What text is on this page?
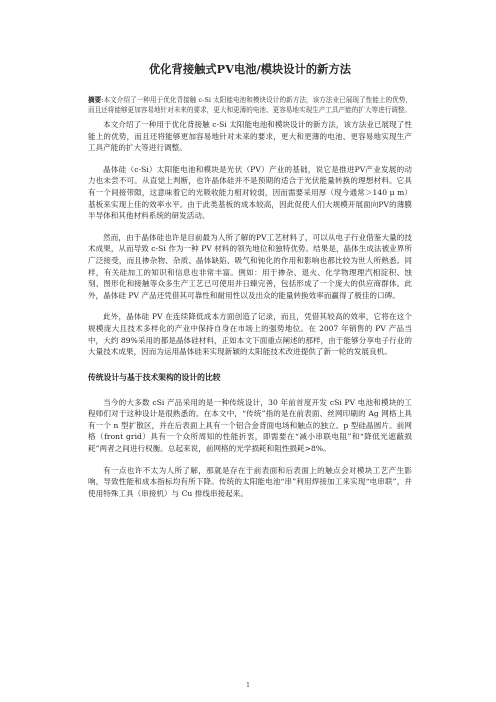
优化背接触式PV电池/模块设计的新方法

摘要:本文介绍了一种用于优化背接触 c-Si 太阳能电池和模块设计的新方法，该方法业已展现了性能上的优势，而且还将能够更加容易地针对未来的要求，更大和更薄的电池、更容易地实现生产工具产能的扩大等进行调整。

本文介绍了一种用于优化背接触 c-Si 太阳能电池和模块设计的新方法，该方法业已展现了性能上的优势，而且还将能够更加容易地针对未来的要求，更大和更薄的电池、更容易地实现生产工具产能的扩大等进行调整。

晶体硅（c-Si）太阳能电池和模块是光伏（PV）产业的基础，说它是推进PV产业发展的动力也未尝不可。从直觉上判断，也许晶体硅并不是预期的适合于光伏能量转换的理想材料。它具有一个间接带隙，这意味着它的光吸收能力相对较弱，因而需要采用厚（现今通常＞140 μ m）基板来实现上佳的效率水平。由于此类基板的成本较高，因此促使人们大规模开展面向PV的薄膜半导体和其他材料系统的研发活动。

然而，由于晶体硅也许是目前最为人所了解的PV工艺材料了，可以从电子行业借鉴大量的技术成果，从而导致 c-Si 作为一种 PV 材料的领先地位和独特优势。结果是，晶体生成法被业界所广泛接受，而且掺杂物、杂质、晶体缺陷、吸气和钝化的作用和影响也都比较为世人所熟悉。同样，有关硅加工的知识和信息也非常丰富。例如：用于掺杂、退火、化学物理理汽相淀积、蚀刻、图形化和接触等众多生产工艺已可使用并日臻完善，包括形成了一个庞大的供应商群体。此外，晶体硅 PV 产品还凭借其可靠性和耐用性以及出众的能量转换效率而赢得了极佳的口碑。

此外，晶体硅 PV 在连续降低成本方面创造了记录，而且，凭借其较高的效率，它将在这个规模庞大且技术多样化的产业中保持自身在市场上的强势地位。在 2007 年销售的 PV 产品当中，大约 89%采用的都是晶体硅材料，正如本文下面重点阐述的那样，由于能够分享电子行业的大量技术成果，因而为运用晶体硅来实现新颖的太阳能技术改进提供了新一轮的发展良机。

传统设计与基于技术架构的设计的比较

当今的大多数 cSi 产品采用的是一种传统设计，30 年前首度开发 cSi PV 电池和模块的工程师们对于这种设计是很熟悉的。在本文中，“传统”指的是在前表面、丝网印刷的 Ag 网格上具有一个 n 型扩散区，并在后表面上具有一个铝合金背面电场和触点的独立、p 型硅晶圆片。前网格（front grid）具有一个众所周知的性能折衷，即需要在“减小串联电阻”和“降低光遮蔽损耗”两者之间进行权衡。总起来说，前网格的光学损耗和阻性损耗>8%。

有一点也许不太为人所了解，那就是存在于前表面和后表面上的触点会对模块工艺产生影响，导致性能和成本指标均有所下降。传统的太阳能电池“串”利用焊接加工来实现“电串联”，并使用特殊工具（串接机）与 Cu 排线串接起来。

1
